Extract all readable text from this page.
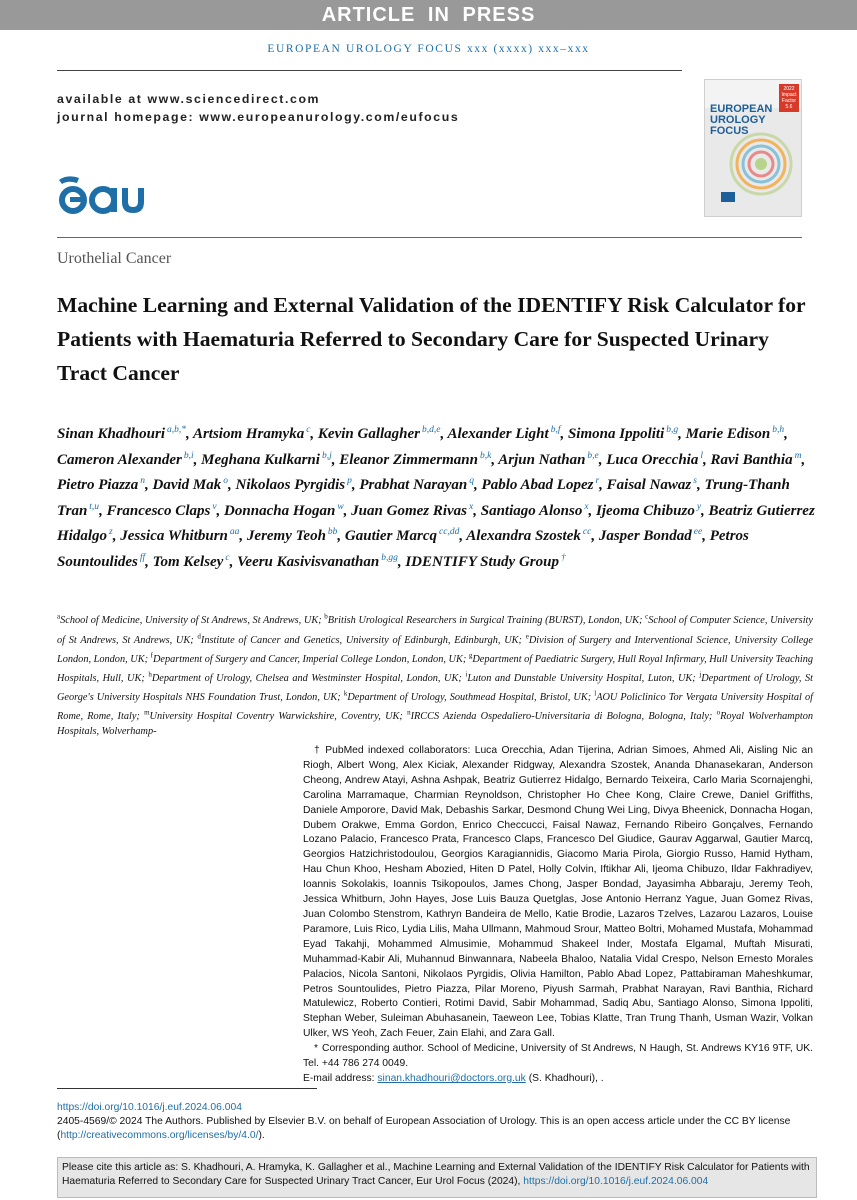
ARTICLE IN PRESS
EUROPEAN UROLOGY FOCUS xxx (xxxx) xxx–xxx
available at www.sciencedirect.com
journal homepage: www.europeanurology.com/eufocus
eau
EUROPEAN
UROLOGY FOCUS
2022 Impact Factor 5.6
Urothelial Cancer
Machine Learning and External Validation of the IDENTIFY Risk Calculator for Patients with Haematuria Referred to Secondary Care for Suspected Urinary Tract Cancer
Sinan Khadhouri $^{a,b,*}$, Artsiom Hramyka $^c$, Kevin Gallagher $^{b,d,e}$, Alexander Light $^{b,f}$, Simona Ippoliti $^{b,g}$, Marie Edison $^{b,h}$, Cameron Alexander $^{b,i}$, Meghana Kulkarni $^{b,j}$, Eleanor Zimmermann $^{b,k}$, Arjun Nathan $^{b,e}$, Luca Orecchia $^l$, Ravi Banthia $^m$, Pietro Piazza $^n$, David Mak $^o$, Nikolaos Pyrgidis $^p$, Prabhat Narayan $^q$, Pablo Abad Lopez $^r$, Faisal Nawaz $^s$, Trung-Thanh Tran $^{t,u}$, Francesco Claps $^v$, Donnacha Hogan $^w$, Juan Gomez Rivas $^x$, Santiago Alonso $^x$, Ijeoma Chibuzo $^y$, Beatriz Gutierrez Hidalgo $^z$, Jessica Whitburn $^{aa}$, Jeremy Teoh $^{bb}$, Gautier Marcq $^{cc,dd}$, Alexandra Szostek $^{cc}$, Jasper Bondad $^{ee}$, Petros Sountoulides $^{ff}$, Tom Kelsey $^c$, Veeru Kasivisvanathan $^{b,gg}$, IDENTIFY Study Group †
$^a$School of Medicine, University of St Andrews, St Andrews, UK; $^b$British Urological Researchers in Surgical Training (BURST), London, UK; $^c$School of Computer Science, University of St Andrews, St Andrews, UK; $^d$Institute of Cancer and Genetics, University of Edinburgh, Edinburgh, UK; $^e$Division of Surgery and Interventional Science, University College London, London, UK; $^f$Department of Surgery and Cancer, Imperial College London, London, UK; $^g$Department of Paediatric Surgery, Hull Royal Infirmary, Hull University Teaching Hospitals, Hull, UK; $^h$Department of Urology, Chelsea and Westminster Hospital, London, UK; $^i$Luton and Dunstable University Hospital, Luton, UK; $^j$Department of Urology, St George's University Hospitals NHS Foundation Trust, London, UK; $^k$Department of Urology, Southmead Hospital, Bristol, UK; $^l$AOU Policlinico Tor Vergata University Hospital of Rome, Rome, Italy; $^m$University Hospital Coventry Warwickshire, Coventry, UK; $^n$IRCCS Azienda Ospedaliero-Universitaria di Bologna, Bologna, Italy; $^o$Royal Wolverhampton Hospitals, Wolverhamp-

† PubMed indexed collaborators: Luca Orecchia, Adan Tijerina, Adrian Simoes, Ahmed Ali, Aisling Nic an Riogh, Albert Wong, Alex Kiciak, Alexander Ridgway, Alexandra Szostek, Ananda Dhanasekaran, Anderson Cheong, Andrew Atayi, Ashna Ashpak, Beatriz Gutierrez Hidalgo, Bernardo Teixeira, Carlo Maria Scornajenghi, Carolina Marramaque, Charmian Reynoldson, Christopher Ho Chee Kong, Claire Crewe, Daniel Griffiths, Daniele Amporore, David Mak, Debashis Sarkar, Desmond Chung Wei Ling, Divya Bheenick, Donnacha Hogan, Dubem Orakwe, Emma Gordon, Enrico Checcucci, Faisal Nawaz, Fernando Ribeiro Gonçalves, Fernando Lozano Palacio, Francesco Prata, Francesco Claps, Francesco Del Giudice, Gaurav Aggarwal, Gautier Marcq, Georgios Hatzichristodoulou, Georgios Karagiannidis, Giacomo Maria Pirola, Giorgio Russo, Hamid Hytham, Hau Chun Khoo, Hesham Abozied, Hiten D Patel, Holly Colvin, Iftikhar Ali, Ijeoma Chibuzo, Ildar Fakhradiyev, Ioannis Sokolakis, Ioannis Tsikopoulos, James Chong, Jasper Bondad, Jayasimha Abbaraju, Jeremy Teoh, Jessica Whitburn, John Hayes, Jose Luis Bauza Quetglas, Jose Antonio Herranz Yague, Juan Gomez Rivas, Juan Colombo Stenstrom, Kathryn Bandeira de Mello, Katie Brodie, Lazaros Tzelves, Lazarou Lazaros, Louise Paramore, Luis Rico, Lydia Lilis, Maha Ullmann, Mahmoud Srour, Matteo Boltri, Mohamed Mustafa, Mohammad Eyad Takahji, Mohammed Almusimie, Mohammud Shakeel Inder, Mostafa Elgamal, Muftah Misurati, Muhammad-Kabir Ali, Muhannud Binwannara, Nabeela Bhaloo, Natalia Vidal Crespo, Nelson Ernesto Morales Palacios, Nicola Santoni, Nikolaos Pyrgidis, Olivia Hamilton, Pablo Abad Lopez, Pattabiraman Maheshkumar, Petros Sountoulides, Pietro Piazza, Pilar Moreno, Piyush Sarmah, Prabhat Narayan, Ravi Banthia, Richard Matulewicz, Roberto Contieri, Rotimi David, Sabir Mohammad, Sadiq Abu, Santiago Alonso, Simona Ippoliti, Stephan Weber, Suleiman Abuhasanein, Taeweon Lee, Tobias Klatte, Tran Trung Thanh, Usman Wazir, Volkan Ulker, WS Yeoh, Zach Feuer, Zain Elahi, and Zara Gall.

* Corresponding author. School of Medicine, University of St Andrews, N Haugh, St. Andrews KY16 9TF, UK. Tel. +44 786 274 0049.

E-mail address: sinan.khadhouri@doctors.org.uk (S. Khadhouri), .

https://doi.org/10.1016/j.euf.2024.06.004
2405-4569/© 2024 The Authors. Published by Elsevier B.V. on behalf of European Association of Urology. This is an open access article under the CC BY license (http://creativecommons.org/licenses/by/4.0/).
Please cite this article as: S. Khadhouri, A. Hramyka, K. Gallagher et al., Machine Learning and External Validation of the IDENTIFY Risk Calculator for Patients with Haematuria Referred to Secondary Care for Suspected Urinary Tract Cancer, Eur Urol Focus (2024), https://doi.org/10.1016/j.euf.2024.06.004
